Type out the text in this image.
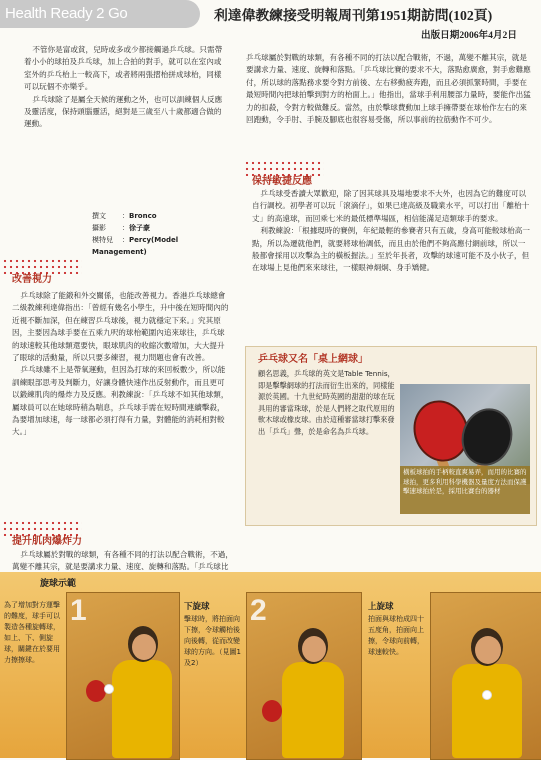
Health Ready 2 Go	利達偉教練接受明報周刊第1951期訪問(102頁)
出版日期2006年4月2日

不管你是富或貧，兒時或多或少都接觸過乒乓球。只需帶着小小的球拍及乒乓球，加上合拍的對手，就可以在室內或室外的乒乓枱上一較高下，或者將兩張摺枱拼成球枱，同樣可以玩個不亦樂乎。

乒乓球除了是屬全天候的運動之外，也可以訓練個人反應及靈活度，保持頭腦靈活，絕對是三歲至八十歲都適合做的運動。

撰文 ：Bronco
攝影 ：徐子豪
模特兒 ：Percy(Model Management)
改善視力

乒乓球除了能鍛和外交關係，也能改善視力。香港乒乓球總會二級教練利達偉指出：「曾經有幾名小學生，升中後在短時間內的近視不斷加深，但在練習乒乓球後，視力就穩定下來。」究其原因，主要因為球手要在五乘九呎的球枱範圍內追來球往，乒乓球的球速較其他球類還要快，眼球肌肉的收縮次數增加，大大提升了眼球的活動量，所以只要多練習，視力問題也會有改善。

乒乓球雖不上是帶氧運動，但因為打球的來回板數少，所以能訓練眼部思考及判斷力，好讓身體快速作出反射動作，而且更可以鍛練肌肉的爆炸力及反應。利教練說：「乒乓球不如其他球類，屬球員可以在她球時稍為喘息，乒乓球手需在短時間連續擊殺，為要增加球速，每一球都必須打得有力量，對體能的消耗相對較大。」

提升肌肉爆炸力

乒乓球屬於對戰的球類，有各種不同的打法以配合戰術，不過，萬變不離其宗，就是要講求力量、速度、旋轉和落點。「乒乓球比

乒乓球屬於對戰的球類，有各種不同的打法以配合戰術，不過，萬變不離其宗，就是要講求力量、速度、旋轉和落點。「乒乓球比賽的要求不大，落點愈廣愈，對手愈難應付，所以球的落點務求要令對方前後、左右移動疲奔跑，而且必須抓緊時間，手要在最短時間內把球拍擊到對方的枱面上。」他指出，當球手利用腰部力量時，要能作出猛力的扣殺，令對方較做難反。當然，由於擊球費動加上球手擁帶要在球枱作左右的來回跑動，令手肘、手腕及腳底也很容易受傷，所以事前的拉筋動作不可少。

保持敏捷反應

乒乓球受香讀大眾歡迎，除了因其球具及場地要求不大外，也因為它的難度可以自行調校。初學者可以玩「滾滴仔」，如果已達高級及職業水平，可以打出「離枱十丈」的高遠球，而回乘七米的最低標準場區，相信能滿足這類球手的要求。

利教練說：「根據現時的賽例，年紀最輕的參賽者只有五歲，身高可能較球枱高一點，所以為遷就他們，就要將球枱調低，而且由於他們不夠高應付網前球，所以一般都會採用以攻擊為主的橫板握法。」至於年長者，攻擊的球速可能不及小伙子，但在球場上見他們來來球往，一樣眼神炯炯、身手矯健。

乒乓球又名「桌上網球」
顧名思義，乒乓球的英文是Table Tennis，即是擊擊網球的打法而衍生出來的，同樣能源於英國。十九世紀時英國的甜甜的球在玩具用的審當珠球，於是人們將之取代原用的軟木球或橡皮球。由於這種審當球打擊來發出「乒乓」聲，於是命名為乒乓球。
橫板球拍的手柄較直爽易弄，而用的比賽的球拍，更多利用科學機器及量度方法而保護擊速球拍於是，採用比賽台的器材
旋球示範
為了增加對方運擊的難度，球手可以製造各種旋轉球，如上、下、側旋球，關鍵在於要用力擦擦球。
1	下旋球
擊球時，將拍面向下擦，令球觸枱後向後轉，從而改變球的方向。（見圖1及2）
2	上旋球
拍面與球枱成四十五度角，拍面向上擦，令球向前轉，球速較快。
